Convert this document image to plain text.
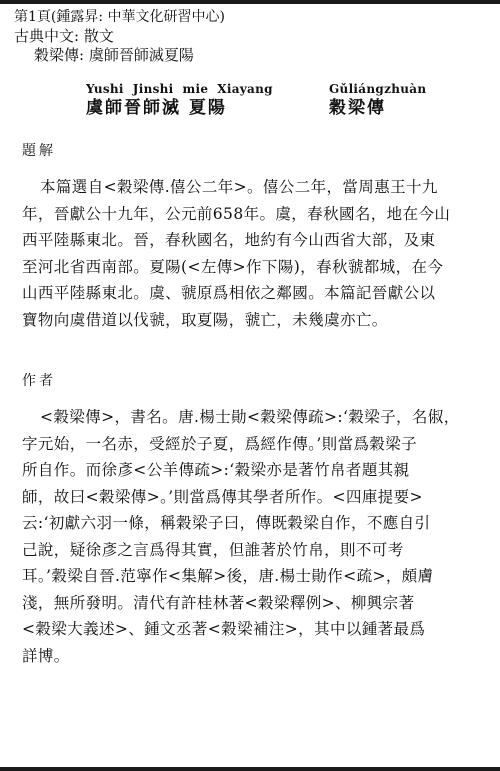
第1頁(鍾露昇: 中華文化研習中心)
古典中文: 散文
穀梁傳: 虞師晉師滅夏陽
Yushi  Jinshi  mie  Xiayang
虞師晉師滅 夏陽
Gǔliángzhuàn
穀梁傳
題解
本篇選自<穀梁傳.僖公二年>。僖公二年，當周惠王十九
年，晉獻公十九年，公元前658年。虞，春秋國名，地在今山
西平陸縣東北。晉，春秋國名，地約有今山西省大部，及東
至河北省西南部。夏陽(<左傳>作下陽)，春秋虢都城，在今
山西平陸縣東北。虞、虢原爲相依之鄰國。本篇記晉獻公以
寶物向虞借道以伐虢，取夏陽，虢亡，未幾虞亦亡。
作者
<穀梁傳>，書名。唐.楊士勛<穀梁傳疏>:‘穀梁子，名俶，
字元始，一名赤，受經於子夏，爲經作傳。’則當爲穀梁子
所自作。而徐彥<公羊傳疏>:‘穀梁亦是著竹帛者題其親
師，故曰<穀梁傳>。’則當爲傳其學者所作。<四庫提要>
云:‘初獻六羽一條，稱穀梁子曰，傳既穀梁自作，不應自引
己說，疑徐彥之言爲得其實，但誰著於竹帛，則不可考
耳。’穀梁自晉.范寧作<集解>後，唐.楊士勛作<疏>，頗膚
淺，無所發明。清代有許桂林著<穀梁釋例>、柳興宗著
<穀梁大義述>、鍾文丞著<穀梁補注>，其中以鍾著最爲
詳博。
